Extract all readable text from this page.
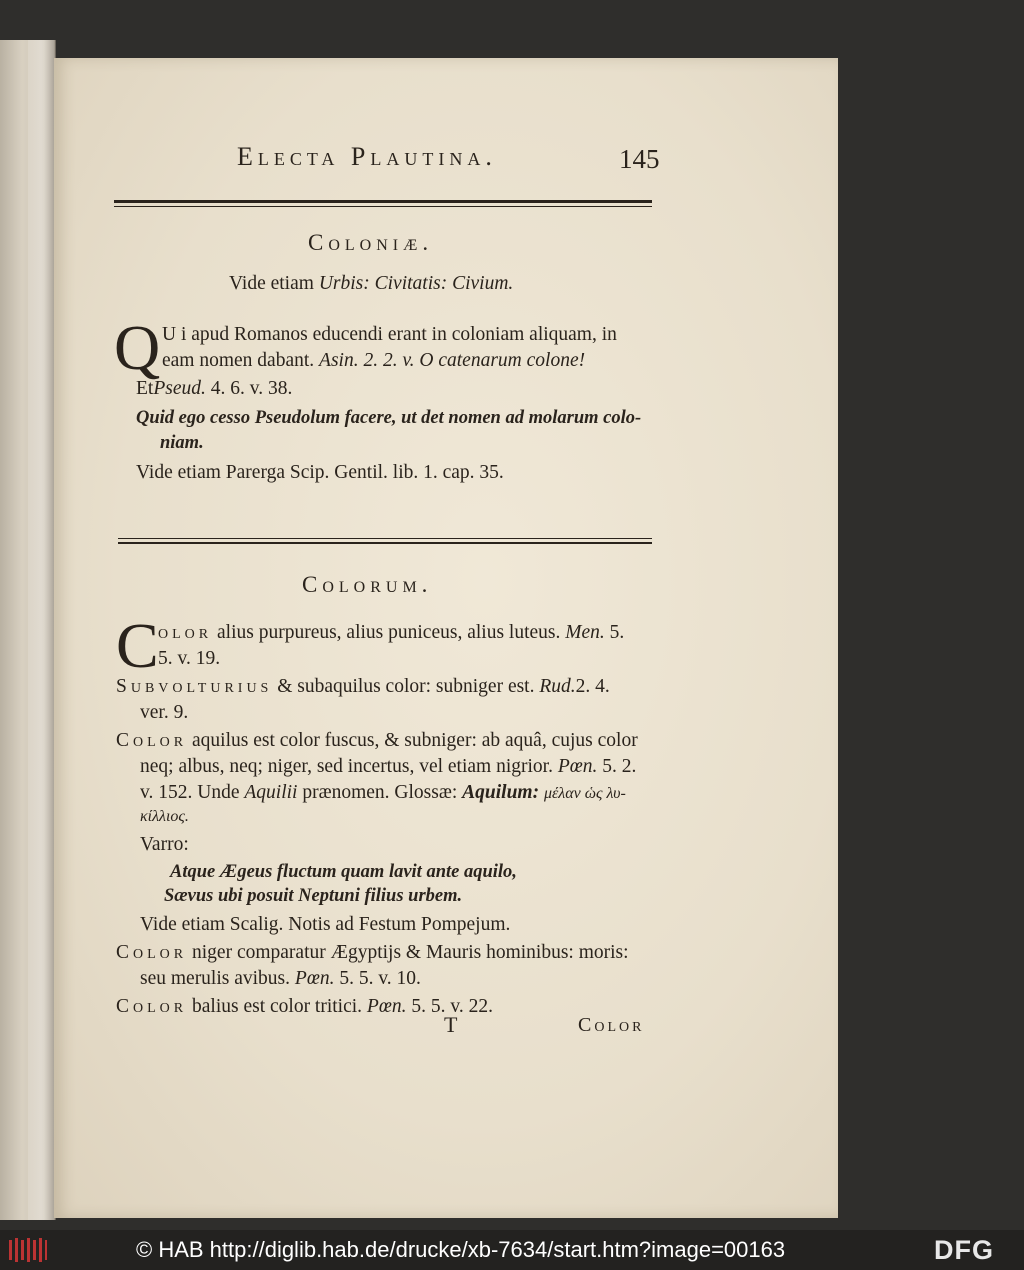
Electa Plautina.	145
Coloniæ.
Vide etiam Urbis: Civitatis: Civium.
Q U i apud Romanos educendi erant in coloniam aliquam, in
eam nomen dabant. Asin. 2. 2. v. O catenarum colone!
EtPseud. 4. 6. v. 38.
Quid ego cesso Pseudolum facere, ut det nomen ad molarum colo-
niam.
Vide etiam Parerga Scip. Gentil. lib. 1. cap. 35.
Colorum.
C olor alius purpureus, alius puniceus, alius luteus. Men. 5.
5. v. 19.
Subvolturius & subaquilus color: subniger est. Rud.2. 4.
ver. 9.
Color aquilus est color fuscus, & subniger: ab aquâ, cujus color
neq; albus, neq; niger, sed incertus, vel etiam nigrior. Pœn. 5. 2.
v. 152. Unde Aquilii prænomen. Glossæ: Aquilum: μέλαν ὡς λυ-
κίλλιος.
Varro:
Atque Ægeus fluctum quam lavit ante aquilo,
Sævus ubi posuit Neptuni filius urbem.
Vide etiam Scalig. Notis ad Festum Pompejum.
Color niger comparatur Ægyptijs & Mauris hominibus: moris:
seu merulis avibus. Pœn. 5. 5. v. 10.
Color balius est color tritici. Pœn. 5. 5. v. 22.
T	Color
© HAB http://diglib.hab.de/drucke/xb-7634/start.htm?image=00163	DFG
